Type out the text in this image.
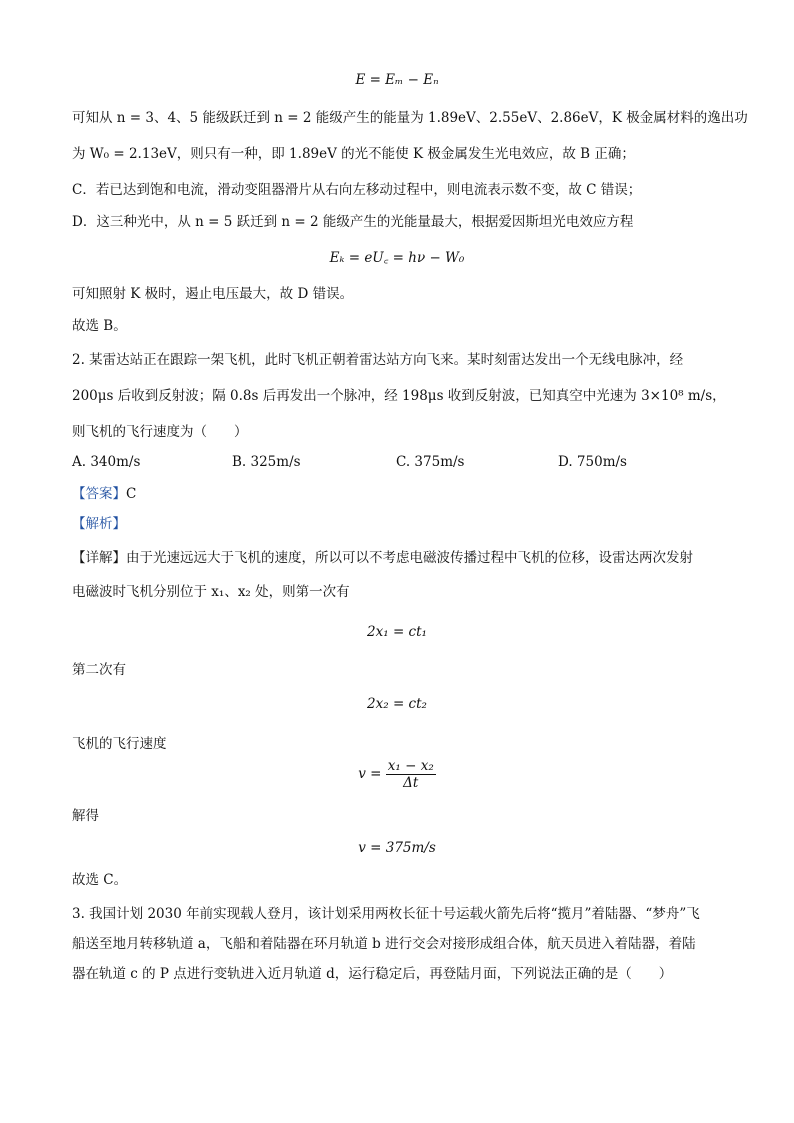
E = Eₘ − Eₙ
可知从 n = 3、4、5 能级跃迁到 n = 2 能级产生的能量为 1.89eV、2.55eV、2.86eV，K 极金属材料的逸出功
为 W₀ = 2.13eV，则只有一种，即 1.89eV 的光不能使 K 极金属发生光电效应，故 B 正确；
C．若已达到饱和电流，滑动变阻器滑片从右向左移动过程中，则电流表示数不变，故 C 错误；
D．这三种光中，从 n = 5 跃迁到 n = 2 能级产生的光能量最大，根据爱因斯坦光电效应方程
Eₖ = eU꜀ = hν − W₀
可知照射 K 极时，遏止电压最大，故 D 错误。
故选 B。
2. 某雷达站正在跟踪一架飞机，此时飞机正朝着雷达站方向飞来。某时刻雷达发出一个无线电脉冲，经
200μs 后收到反射波；隔 0.8s 后再发出一个脉冲，经 198μs 收到反射波，已知真空中光速为 3×10⁸ m/s，
则飞机的飞行速度为（　　）
A. 340m/s	B. 325m/s	C. 375m/s	D. 750m/s
【答案】C
【解析】
【详解】由于光速远远大于飞机的速度，所以可以不考虑电磁波传播过程中飞机的位移，设雷达两次发射
电磁波时飞机分别位于 x₁、x₂ 处，则第一次有
2x₁ = ct₁
第二次有
2x₂ = ct₂
飞机的飞行速度
$v = \frac{\text{x₁ − x₂}}{\Delta t}$
解得
v = 375m/s
故选 C。
3. 我国计划 2030 年前实现载人登月，该计划采用两枚长征十号运载火箭先后将“揽月”着陆器、“梦舟”飞
船送至地月转移轨道 a，飞船和着陆器在环月轨道 b 进行交会对接形成组合体，航天员进入着陆器，着陆
器在轨道 c 的 P 点进行变轨进入近月轨道 d，运行稳定后，再登陆月面，下列说法正确的是（　　）
